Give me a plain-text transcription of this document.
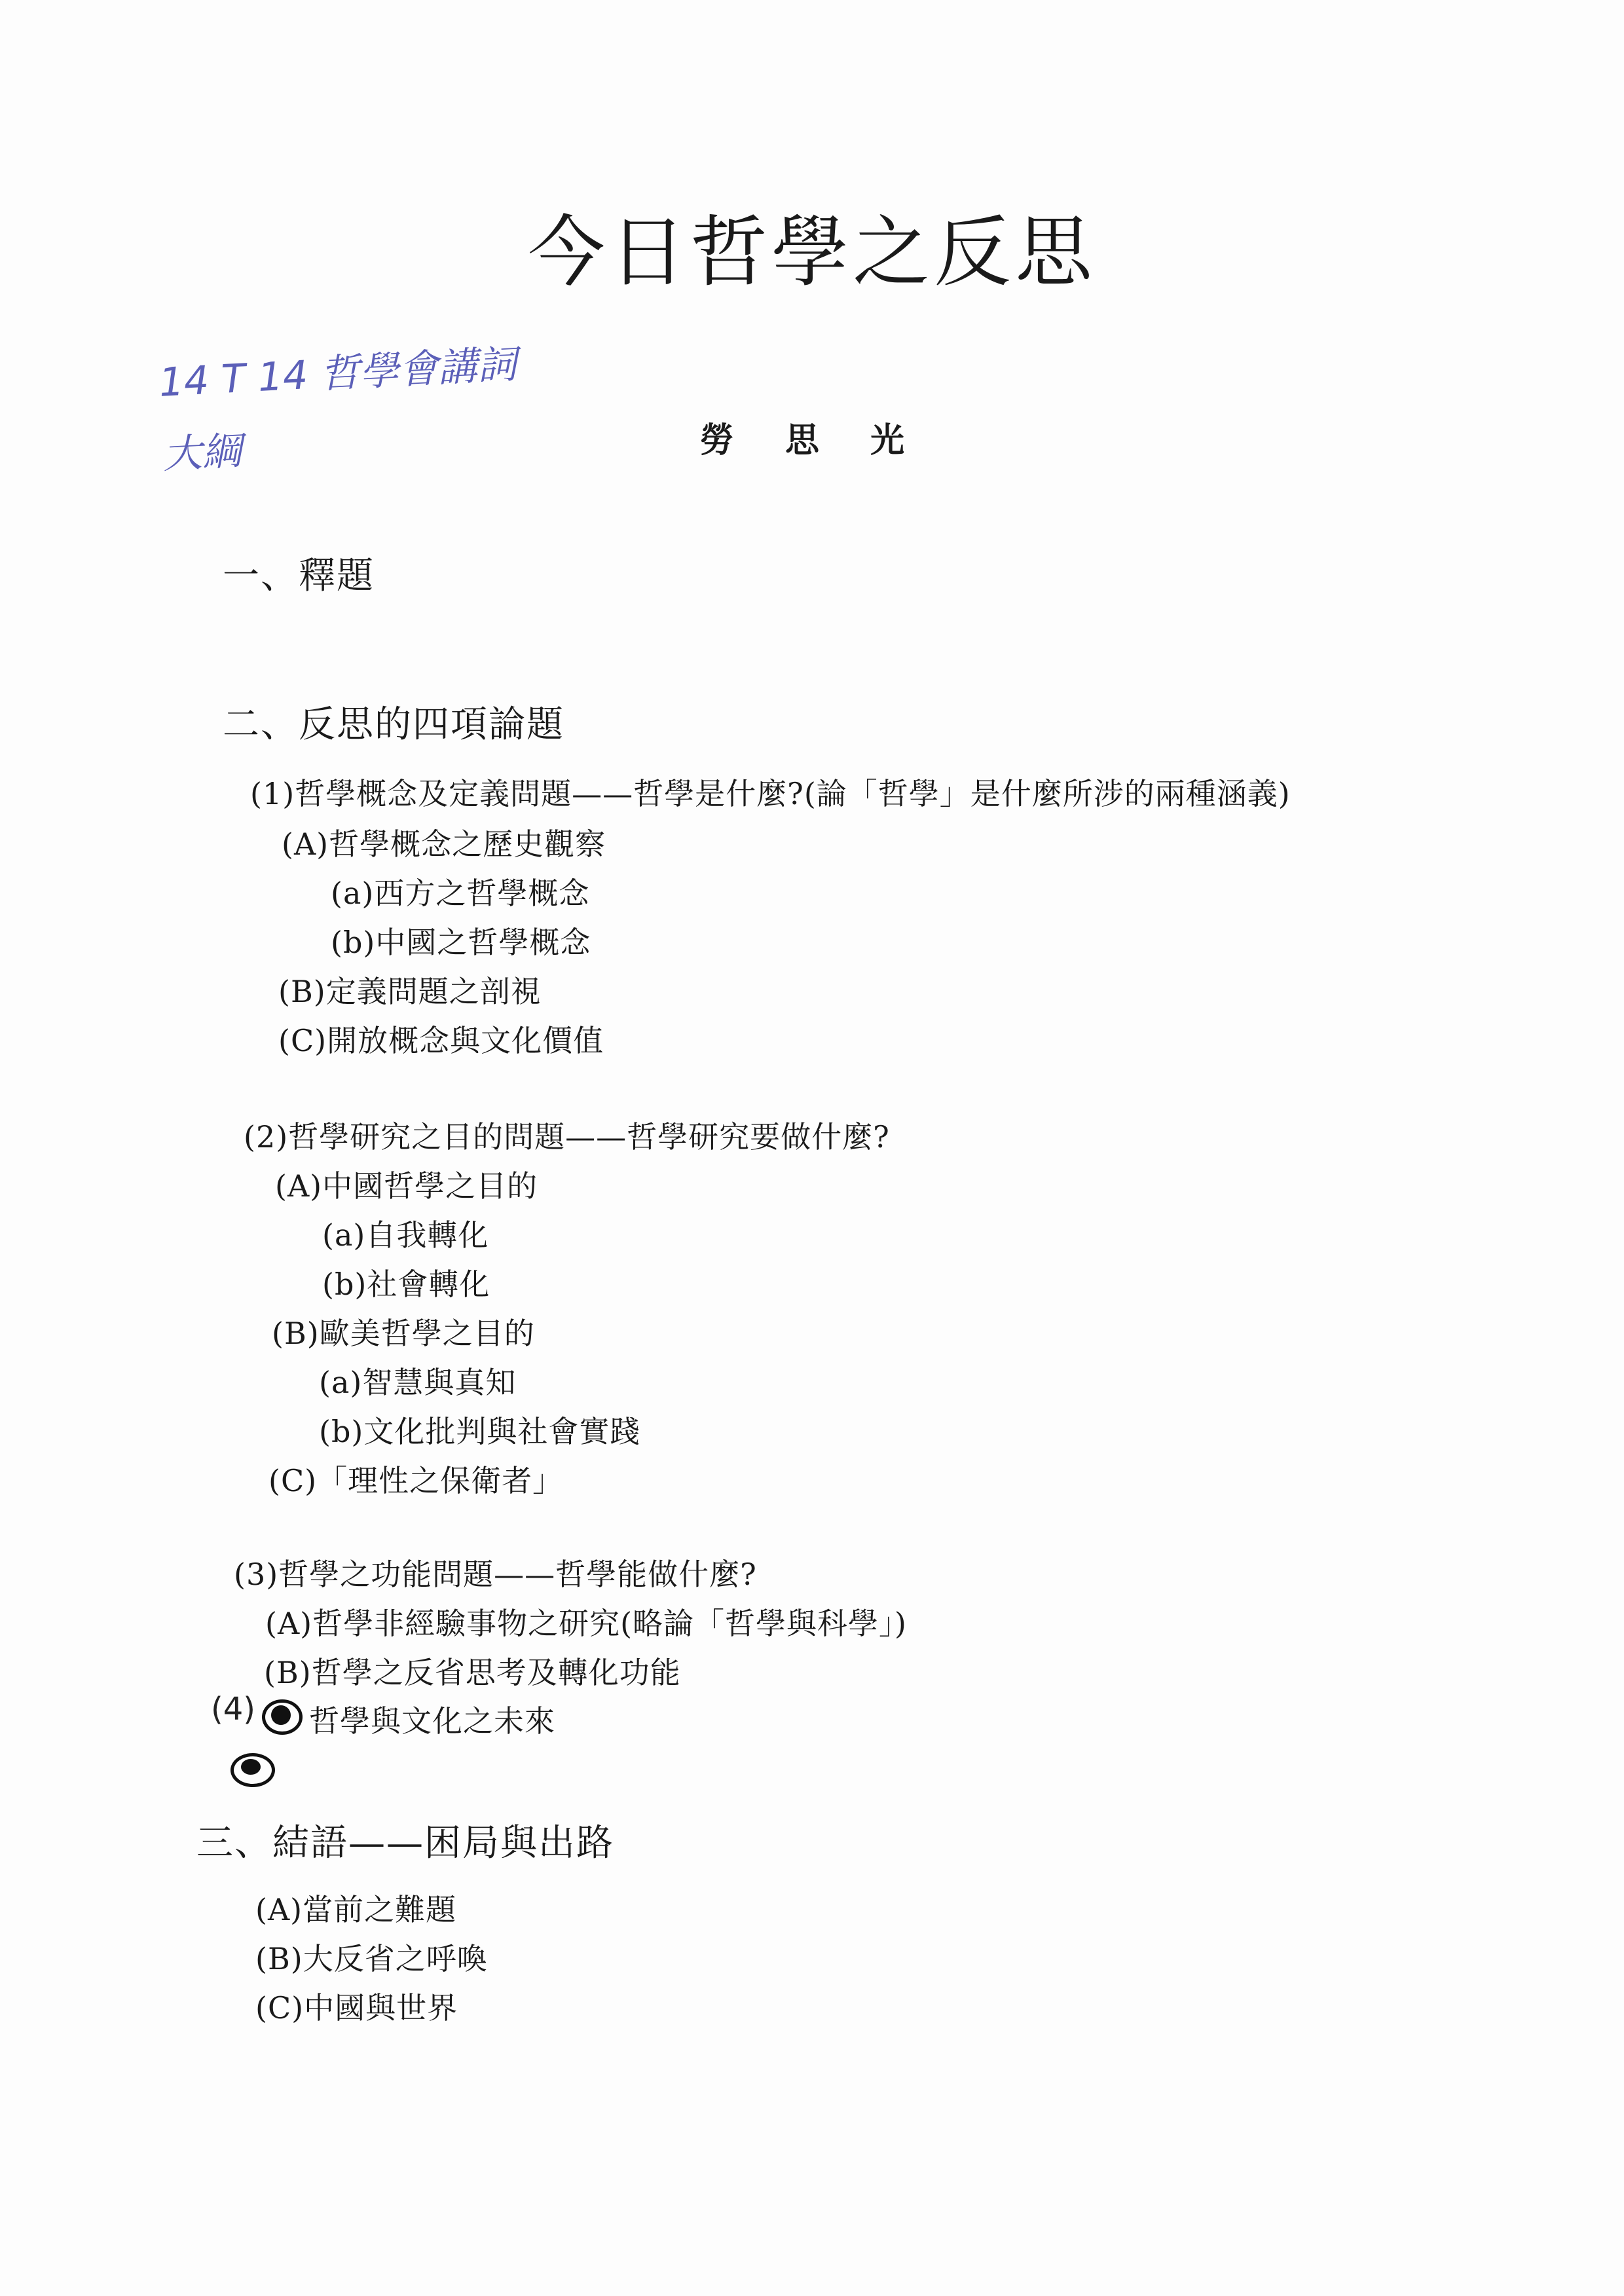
今日哲學之反思
14 T 14 哲學會講詞
大綱	勞 思 光
一、釋題
二、反思的四項論題
(1)哲學概念及定義問題——哲學是什麼?(論「哲學」是什麼所涉的兩種涵義)
(A)哲學概念之歷史觀察
(a)西方之哲學概念
(b)中國之哲學概念
(B)定義問題之剖視
(C)開放概念與文化價值
(2)哲學研究之目的問題——哲學研究要做什麼?
(A)中國哲學之目的
(a)自我轉化
(b)社會轉化
(B)歐美哲學之目的
(a)智慧與真知
(b)文化批判與社會實踐
(C)「理性之保衛者」
(3)哲學之功能問題——哲學能做什麼?
(A)哲學非經驗事物之研究(略論「哲學與科學」)
(B)哲學之反省思考及轉化功能
(4) 哲學與文化之未來
三、結語——困局與出路
(A)當前之難題
(B)大反省之呼喚
(C)中國與世界
